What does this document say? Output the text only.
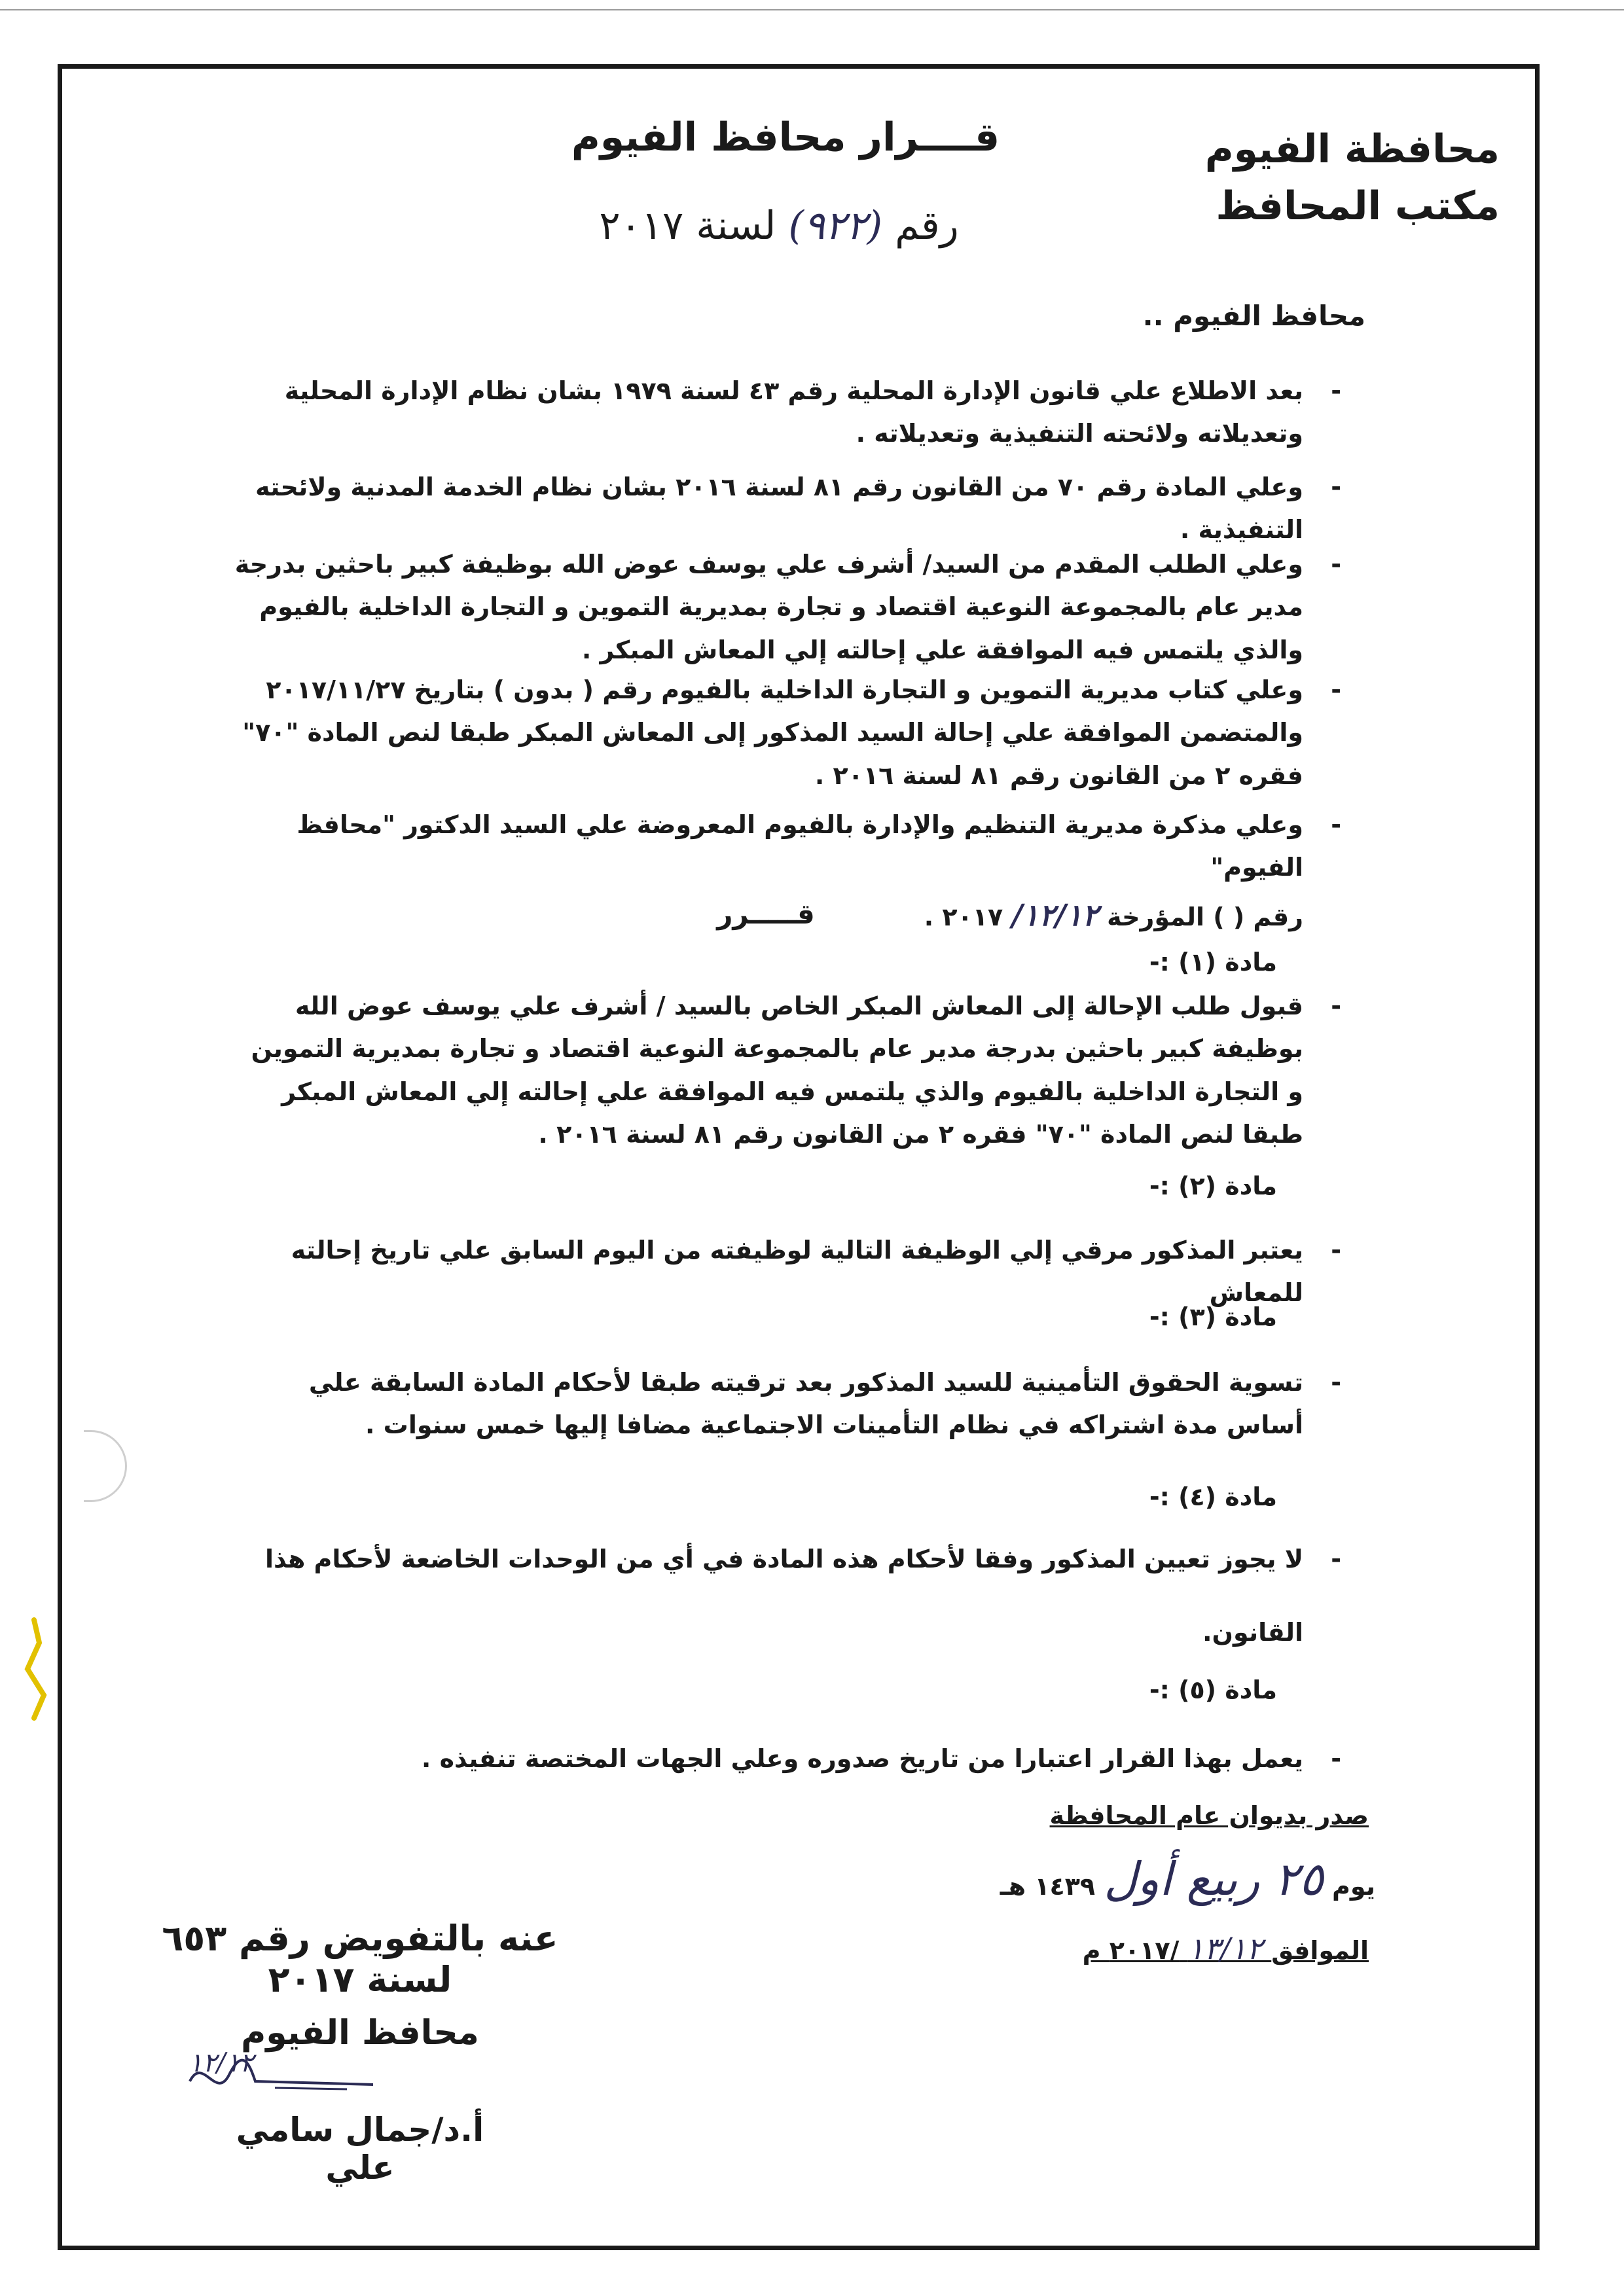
محافظة الفيوم
مكتب المحافظ
قــــرار محافظ الفيوم
رقم (٩٢٢) لسنة ٢٠١٧
محافظ الفيوم ..
-
بعد الاطلاع علي قانون الإدارة المحلية رقم ٤٣ لسنة ١٩٧٩ بشان نظام الإدارة المحلية وتعديلاته ولائحته التنفيذية وتعديلاته .
-
وعلي المادة رقم ٧٠ من القانون رقم ٨١ لسنة ٢٠١٦ بشان نظام الخدمة المدنية ولائحته التنفيذية .
-
وعلي الطلب المقدم من السيد/ أشرف علي يوسف عوض الله بوظيفة كبير باحثين بدرجة مدير عام بالمجموعة النوعية اقتصاد و تجارة بمديرية التموين و التجارة الداخلية بالفيوم والذي يلتمس فيه الموافقة علي إحالته إلي المعاش المبكر .
-
وعلي كتاب مديرية التموين و التجارة الداخلية بالفيوم رقم ( بدون ) بتاريخ ٢٠١٧/١١/٢٧ والمتضمن الموافقة علي إحالة السيد المذكور إلى المعاش المبكر طبقا لنص المادة "٧٠" فقره ٢ من القانون رقم ٨١ لسنة ٢٠١٦ .
-
وعلي مذكرة مديرية التنظيم والإدارة بالفيوم المعروضة علي السيد الدكتور "محافظ الفيوم"
رقم ( ) المؤرخة ١٢/١٢/ ٢٠١٧ .
قـــــرر
مادة (١) :-
-
قبول طلب الإحالة إلى المعاش المبكر الخاص بالسيد / أشرف علي يوسف عوض الله بوظيفة كبير باحثين بدرجة مدير عام بالمجموعة النوعية اقتصاد و تجارة بمديرية التموين و التجارة الداخلية بالفيوم والذي يلتمس فيه الموافقة علي إحالته إلي المعاش المبكر طبقا لنص المادة "٧٠" فقره ٢ من القانون رقم ٨١ لسنة ٢٠١٦ .
مادة (٢) :-
-
يعتبر المذكور مرقي إلي الوظيفة التالية لوظيفته من اليوم السابق علي تاريخ إحالته للمعاش
مادة (٣) :-
-
تسوية الحقوق التأمينية للسيد المذكور بعد ترقيته طبقا لأحكام المادة السابقة علي أساس مدة اشتراكه في نظام التأمينات الاجتماعية مضافا إليها خمس سنوات .
مادة (٤) :-
-
لا يجوز تعيين المذكور وفقا لأحكام هذه المادة في أي من الوحدات الخاضعة لأحكام هذا
القانون.
مادة (٥) :-
-
يعمل بهذا القرار اعتبارا من تاريخ صدوره وعلي الجهات المختصة تنفيذه .
صدر بديوان عام المحافظة
يوم ٢٥ ربيع أول ١٤٣٩ هـ
الموافق ١٣/١٢ /٢٠١٧ م
عنه بالتفويض رقم ٦٥٣ لسنة ٢٠١٧
محافظ الفيوم
١٢/١٢
أ.د/جمال سامي علي
